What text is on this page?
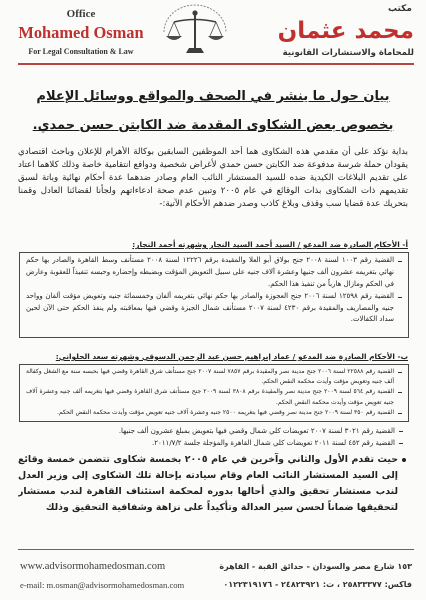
Office
Mohamed Osman
For Legal Consultation & Law
مكتب
محمد عثمان
للمحاماة والاستشارات القانونية
بيان حول ما ينشر في الصحف والمواقع ووسائل الإعلام
بخصوص بعض الشكاوى المقدمة ضد الكابتن حسن حمدي.
بداية نؤكد على أن مقدمي هذه الشكاوى هما أحد الموظفين السابقين بوكالة الأهرام للإعلان وباحث اقتصادي يقودان حملة شرسة مدفوعة ضد الكابتن حسن حمدي لأغراض شخصية ودوافع انتقامية خاصة وذلك كلاهما اعتاد على تقديم البلاغات الكيدية ضده للسيد المستشار النائب العام وصادر ضدهما عدة أحكام نهائية وباتة لسبق تقديمهم ذات الشكاوى بذات الوقائع في عام ٢٠٠٥ وتبين عدم صحة ادعاءاتهم ولجأنا لقضائنا العادل وقمنا بتحريك عدة قضايا سب وقذف وبلاغ كاذب وصدر ضدهم الأحكام الآتية:-
أ- الأحكام الصادرة ضد المدعو / السيد أحمد السيد النجار وشهرته أحمد النجار:
القضية رقم ١٠٠٣ لسنة ٢٠٠٨ جنح بولاق أبو العلا والمقيدة برقم ١٢٢٢٦ لسنة ٢٠٠٨ مستأنف وسط القاهرة والصادر بها حكم نهائي بتغريمه عشرون ألف جنيها وعشرة آلاف جنيه على سبيل التعويض المؤقت وبضبطه وإحضاره وحبسه تنفيذاً للعقوبة وعارض في الحكم ومازال هارباً من تنفيذ هذا الحكم.
القضية رقم ١٢٥٩٨ لسنة ٢٠٠٦ جنح العجوزة والصادر بها حكم نهائي بتغريمه ألفان وخمسمائة جنيه وتعويض مؤقت ألفان وواحد جنيه والمصاريف والمقيدة برقم ٤٢٣٠ لسنة ٢٠٠٧ مستأنف شمال الجيزة وقضي فيها بمعاقبته ولم ينفذ الحكم حتى الآن لحين سداد الكفالات.
ب- الأحكام الصادرة ضد المدعو / عماد إبراهيم حسن عبد الرحمن الدسوقي وشهرته سعد الحلواني:
القضية رقم ٢٢٥٨٨ لسنة ٢٠٠٦ جنح مدينة نصر والمقيدة برقم ٧٨٥٧ لسنة ٢٠٠٧ جنح مستأنف شرق القاهرة وقضي فيها بحبسه سنة مع الشغل وكفالة ألف جنيه وتعويض مؤقت وأيدت محكمة النقض الحكم.
القضية رقم ٥٦٤ لسنة ٢٠٠٩ جنح مدينة نصر والمقيدة برقم ٣٨٠٨ لسنة ٢٠٠٩ جنح مستأنف شرق القاهرة وقضي فيها بتغريمه ألف جنيه وعشرة آلاف جنيه تعويض مؤقت وأيدت محكمة النقض الحكم.
القضية رقم ٣٥٠ لسنة ٢٠٠٩ جنح مدينة نصر وقضي فيها بتغريمه ٢٥٠٠ جنيه وعشرة آلاف جنيه تعويض مؤقت وأيدت محكمة النقض الحكم.
القضية رقم ٣٠٢١ لسنة ٢٠٠٧ تعويضات كلي شمال وقضي فيها بتعويض بمبلغ عشرون ألف جنيها.
القضية رقم ٤٥٢ لسنة ٢٠١١ تعويضات كلي شمال القاهرة والمؤجلة جلسة ٢٠١١/٧/٢.
حيث تقدم الأول والثاني وآخرين في عام ٢٠٠٥ بخمسة شكاوى تتضمن خمسة وقائع إلى السيد المستشار النائب العام وقام سيادته بإحالة تلك الشكاوى إلى وزير العدل لندب مستشار تحقيق والذي أحالها بدوره لمحكمة استئناف القاهرة لندب مستشار لتحقيقها ضماناً لحسن سير العدالة وتأكيداً على نزاهة وشفافية التحقيق وذلك
www.advisormohamedosman.com
e-mail: m.osman@advisormohamedosman.com
١٥٣ شارع مصر والسودان - حدائق القبة - القاهرة
فاكس: ٢٥٨٣٣٣٧٧ ، ت: ٢٤٨٢٣٩٢١ - ٠١٢٢٣١٩١٧٦
